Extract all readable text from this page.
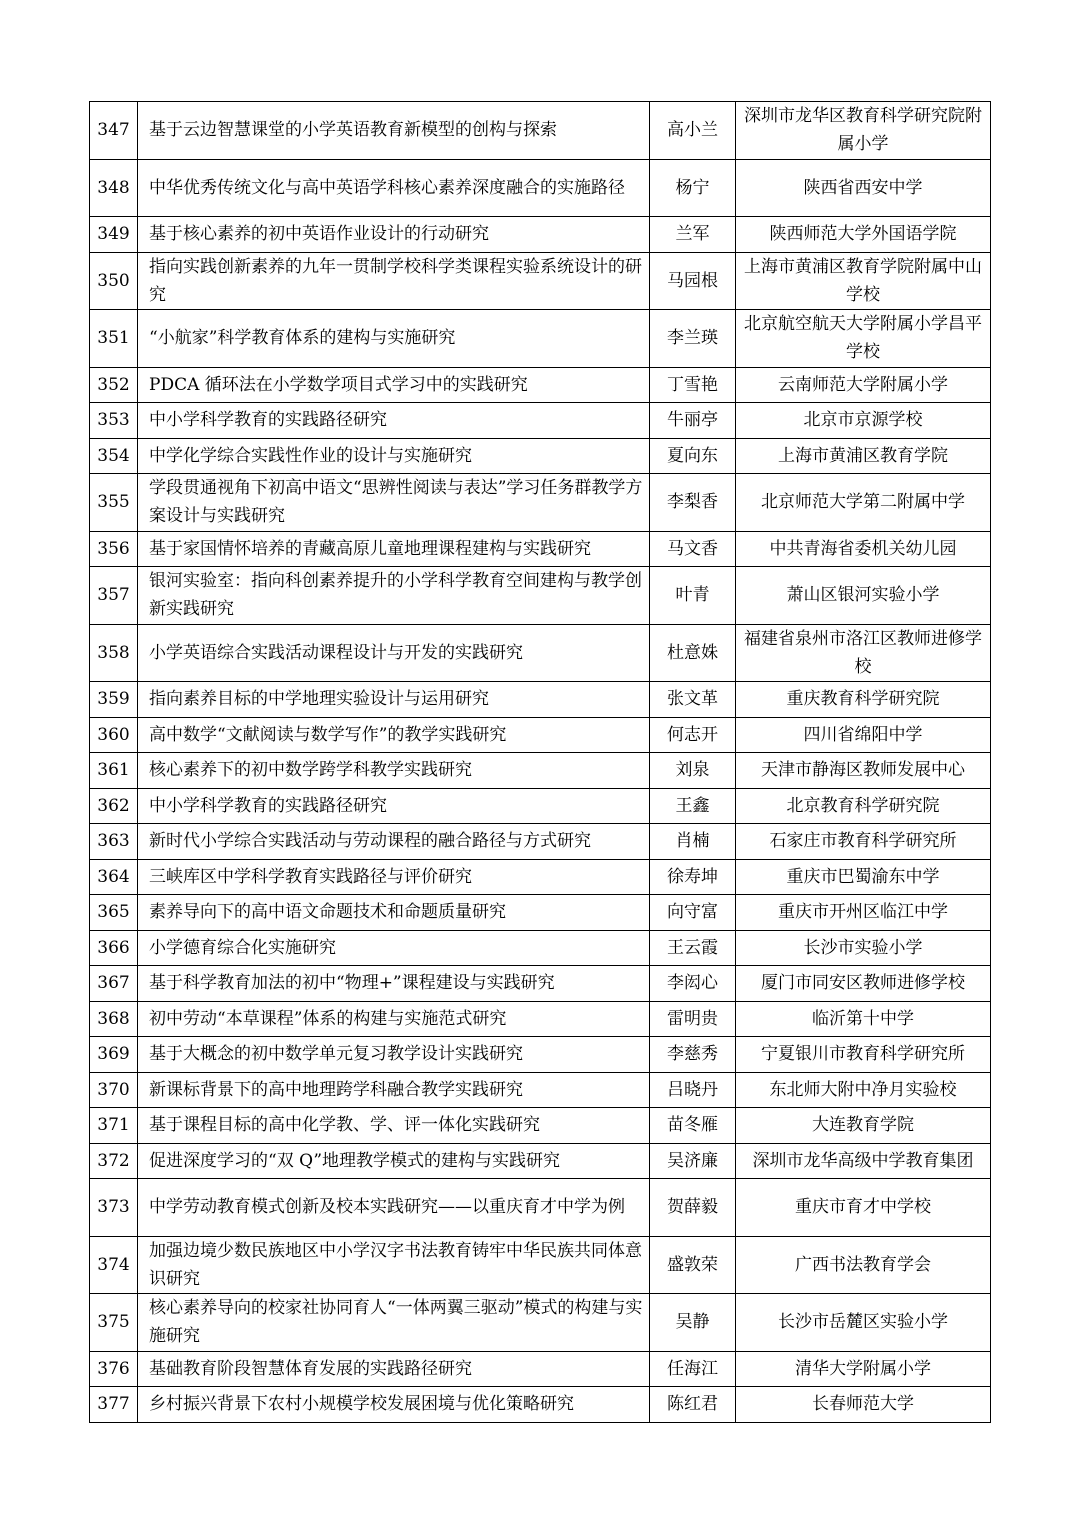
347	基于云边智慧课堂的小学英语教育新模型的创构与探索	高小兰	深圳市龙华区教育科学研究院附属小学
348	中华优秀传统文化与高中英语学科核心素养深度融合的实施路径	杨宁	陕西省西安中学
349	基于核心素养的初中英语作业设计的行动研究	兰军	陕西师范大学外国语学院
350	指向实践创新素养的九年一贯制学校科学类课程实验系统设计的研究	马园根	上海市黄浦区教育学院附属中山学校
351	“小航家”科学教育体系的建构与实施研究	李兰瑛	北京航空航天大学附属小学昌平学校
352	PDCA 循环法在小学数学项目式学习中的实践研究	丁雪艳	云南师范大学附属小学
353	中小学科学教育的实践路径研究	牛丽亭	北京市京源学校
354	中学化学综合实践性作业的设计与实施研究	夏向东	上海市黄浦区教育学院
355	学段贯通视角下初高中语文“思辨性阅读与表达”学习任务群教学方案设计与实践研究	李梨香	北京师范大学第二附属中学
356	基于家国情怀培养的青藏高原儿童地理课程建构与实践研究	马文香	中共青海省委机关幼儿园
357	银河实验室：指向科创素养提升的小学科学教育空间建构与教学创新实践研究	叶青	萧山区银河实验小学
358	小学英语综合实践活动课程设计与开发的实践研究	杜意姝	福建省泉州市洛江区教师进修学校
359	指向素养目标的中学地理实验设计与运用研究	张文革	重庆教育科学研究院
360	高中数学“文献阅读与数学写作”的教学实践研究	何志开	四川省绵阳中学
361	核心素养下的初中数学跨学科教学实践研究	刘泉	天津市静海区教师发展中心
362	中小学科学教育的实践路径研究	王鑫	北京教育科学研究院
363	新时代小学综合实践活动与劳动课程的融合路径与方式研究	肖楠	石家庄市教育科学研究所
364	三峡库区中学科学教育实践路径与评价研究	徐寿坤	重庆市巴蜀渝东中学
365	素养导向下的高中语文命题技术和命题质量研究	向守富	重庆市开州区临江中学
366	小学德育综合化实施研究	王云霞	长沙市实验小学
367	基于科学教育加法的初中“物理+”课程建设与实践研究	李闳心	厦门市同安区教师进修学校
368	初中劳动“本草课程”体系的构建与实施范式研究	雷明贵	临沂第十中学
369	基于大概念的初中数学单元复习教学设计实践研究	李慈秀	宁夏银川市教育科学研究所
370	新课标背景下的高中地理跨学科融合教学实践研究	吕晓丹	东北师大附中净月实验校
371	基于课程目标的高中化学教、学、评一体化实践研究	苗冬雁	大连教育学院
372	促进深度学习的“双 Q”地理教学模式的建构与实践研究	吴济廉	深圳市龙华高级中学教育集团
373	中学劳动教育模式创新及校本实践研究——以重庆育才中学为例	贺薛毅	重庆市育才中学校
374	加强边境少数民族地区中小学汉字书法教育铸牢中华民族共同体意识研究	盛敦荣	广西书法教育学会
375	核心素养导向的校家社协同育人“一体两翼三驱动”模式的构建与实施研究	吴静	长沙市岳麓区实验小学
376	基础教育阶段智慧体育发展的实践路径研究	任海江	清华大学附属小学
377	乡村振兴背景下农村小规模学校发展困境与优化策略研究	陈红君	长春师范大学
